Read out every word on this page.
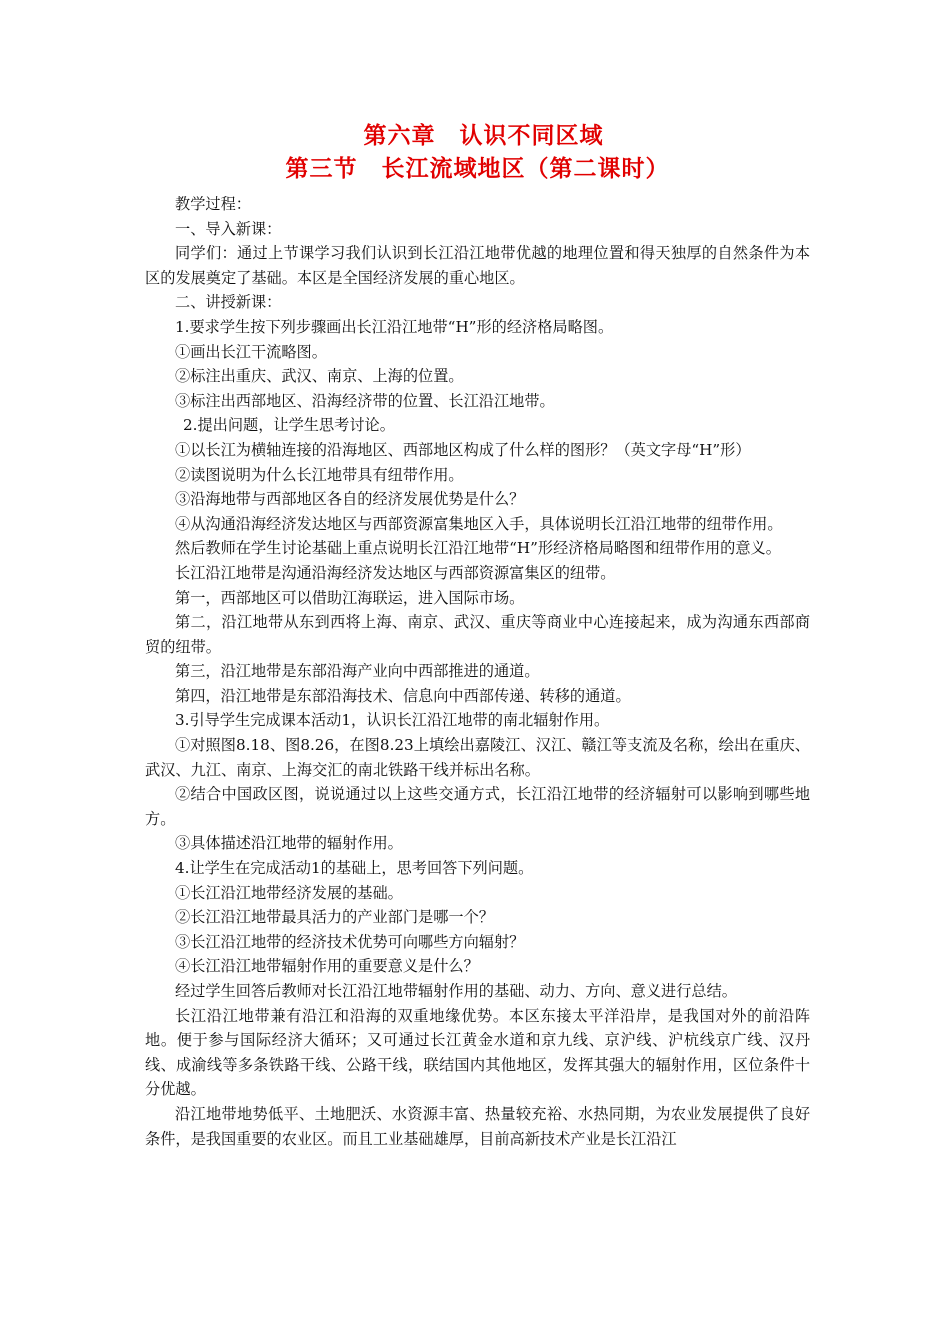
第六章　认识不同区域
第三节　长江流域地区（第二课时）

教学过程：

一、导入新课：

同学们：通过上节课学习我们认识到长江沿江地带优越的地理位置和得天独厚的自然条件为本区的发展奠定了基础。本区是全国经济发展的重心地区。

二、讲授新课：

1.要求学生按下列步骤画出长江沿江地带“H”形的经济格局略图。

①画出长江干流略图。

②标注出重庆、武汉、南京、上海的位置。

③标注出西部地区、沿海经济带的位置、长江沿江地带。

2.提出问题，让学生思考讨论。

①以长江为横轴连接的沿海地区、西部地区构成了什么样的图形？（英文字母“H”形）

②读图说明为什么长江地带具有纽带作用。

③沿海地带与西部地区各自的经济发展优势是什么？

④从沟通沿海经济发达地区与西部资源富集地区入手，具体说明长江沿江地带的纽带作用。

然后教师在学生讨论基础上重点说明长江沿江地带“H”形经济格局略图和纽带作用的意义。

长江沿江地带是沟通沿海经济发达地区与西部资源富集区的纽带。

第一，西部地区可以借助江海联运，进入国际市场。

第二，沿江地带从东到西将上海、南京、武汉、重庆等商业中心连接起来，成为沟通东西部商贸的纽带。

第三，沿江地带是东部沿海产业向中西部推进的通道。

第四，沿江地带是东部沿海技术、信息向中西部传递、转移的通道。

3.引导学生完成课本活动1，认识长江沿江地带的南北辐射作用。

①对照图8.18、图8.26，在图8.23上填绘出嘉陵江、汉江、赣江等支流及名称，绘出在重庆、武汉、九江、南京、上海交汇的南北铁路干线并标出名称。

②结合中国政区图，说说通过以上这些交通方式，长江沿江地带的经济辐射可以影响到哪些地方。

③具体描述沿江地带的辐射作用。

4.让学生在完成活动1的基础上，思考回答下列问题。

①长江沿江地带经济发展的基础。

②长江沿江地带最具活力的产业部门是哪一个？

③长江沿江地带的经济技术优势可向哪些方向辐射？

④长江沿江地带辐射作用的重要意义是什么？

经过学生回答后教师对长江沿江地带辐射作用的基础、动力、方向、意义进行总结。

长江沿江地带兼有沿江和沿海的双重地缘优势。本区东接太平洋沿岸，是我国对外的前沿阵地。便于参与国际经济大循环；又可通过长江黄金水道和京九线、京沪线、沪杭线京广线、汉丹线、成渝线等多条铁路干线、公路干线，联结国内其他地区，发挥其强大的辐射作用，区位条件十分优越。

沿江地带地势低平、土地肥沃、水资源丰富、热量较充裕、水热同期，为农业发展提供了良好条件，是我国重要的农业区。而且工业基础雄厚，目前高新技术产业是长江沿江
